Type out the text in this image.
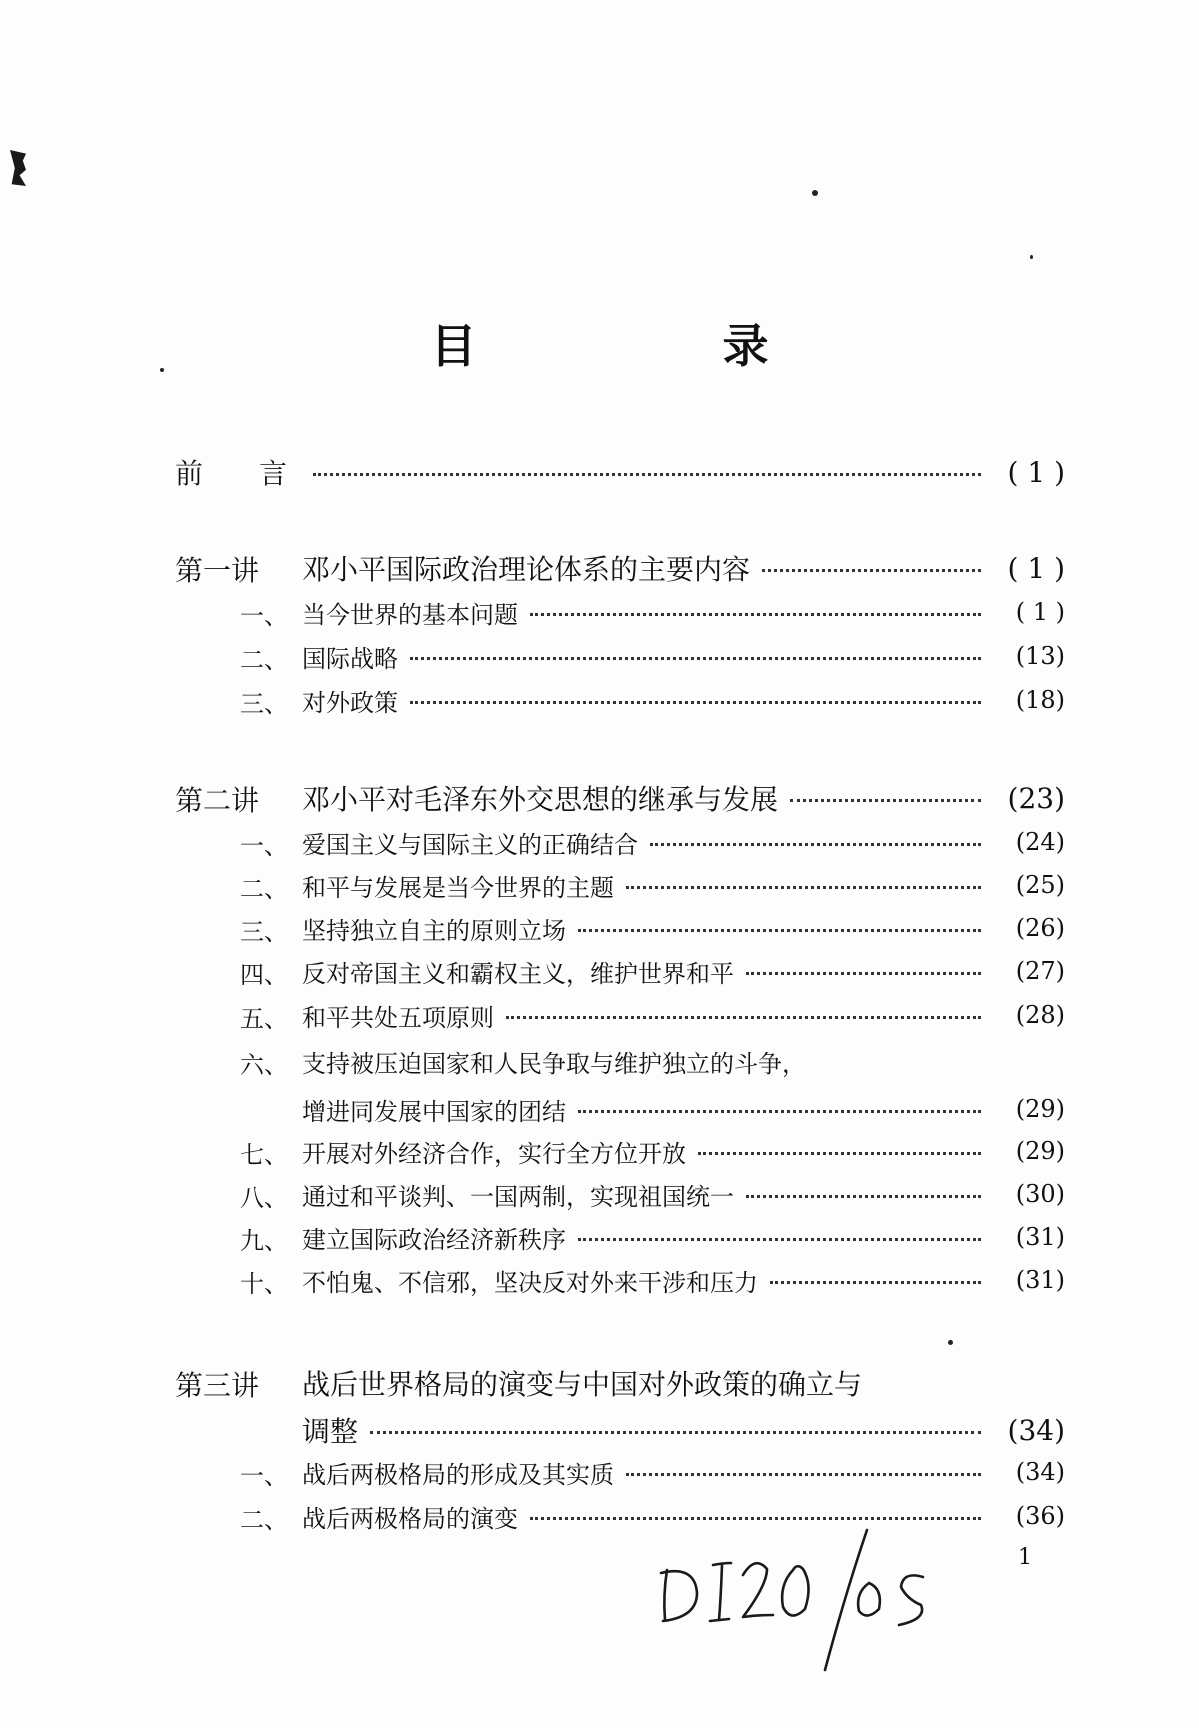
目　录
前　言	( 1 )
第一讲 邓小平国际政治理论体系的主要内容	( 1 )
一、 当今世界的基本问题	( 1 )
二、 国际战略	(13)
三、 对外政策	(18)
第二讲 邓小平对毛泽东外交思想的继承与发展	(23)
一、 爱国主义与国际主义的正确结合	(24)
二、 和平与发展是当今世界的主题	(25)
三、 坚持独立自主的原则立场	(26)
四、 反对帝国主义和霸权主义，维护世界和平	(27)
五、 和平共处五项原则	(28)
六、 支持被压迫国家和人民争取与维护独立的斗争，
增进同发展中国家的团结	(29)
七、 开展对外经济合作，实行全方位开放	(29)
八、 通过和平谈判、一国两制，实现祖国统一	(30)
九、 建立国际政治经济新秩序	(31)
十、 不怕鬼、不信邪，坚决反对外来干涉和压力	(31)
第三讲 战后世界格局的演变与中国对外政策的确立与
调整	(34)
一、 战后两极格局的形成及其实质	(34)
二、 战后两极格局的演变	(36)
1
